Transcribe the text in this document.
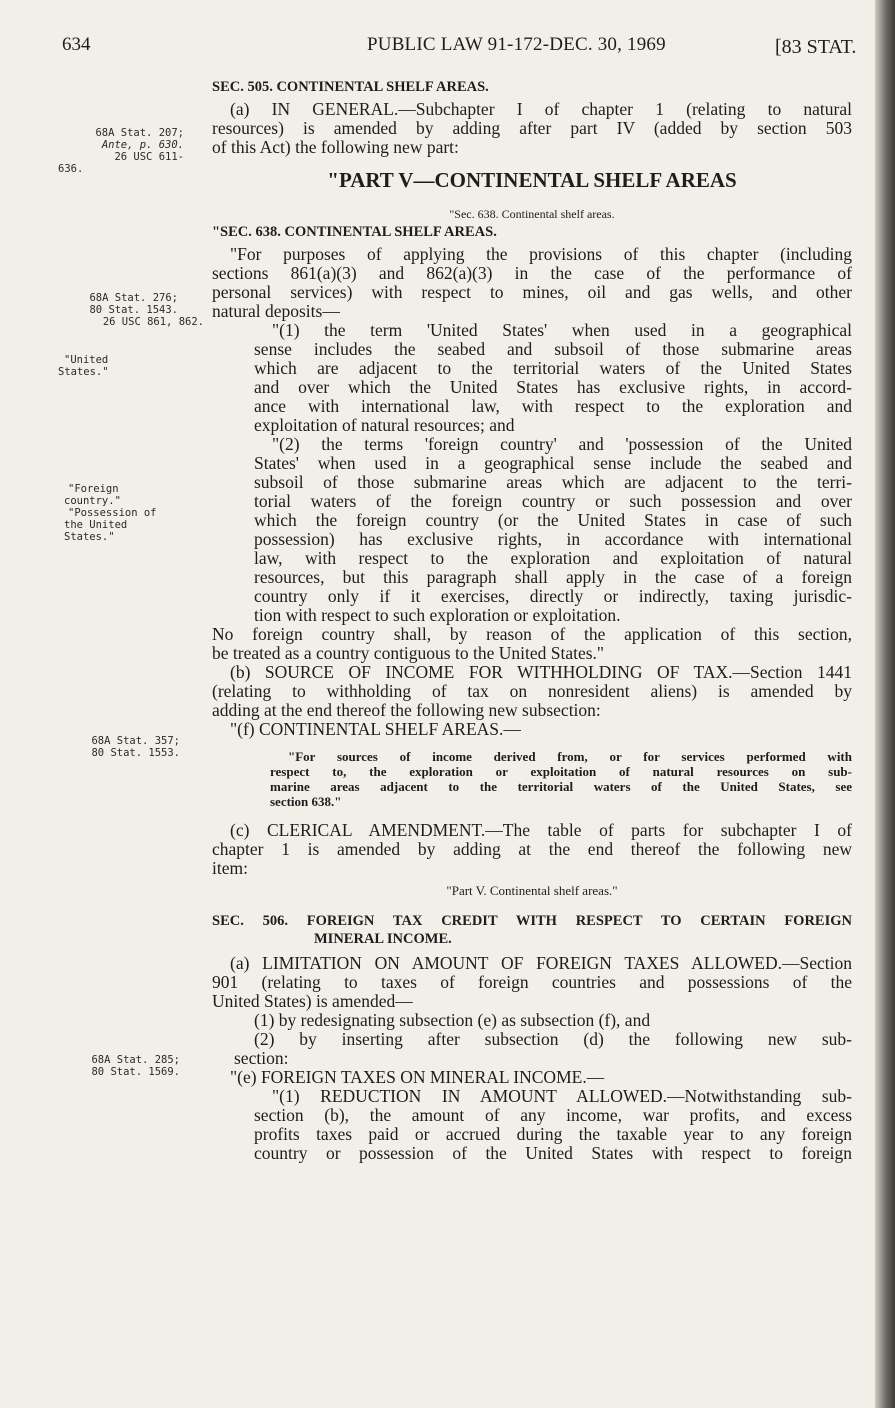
634	PUBLIC LAW 91-172-DEC. 30, 1969	[83 STAT.
68A Stat. 207;
Ante, p. 630.
26 USC 611-
636.
68A Stat. 276;
80 Stat. 1543.
26 USC 861, 862.
"United
States."
"Foreign
country."
"Possession of
the United
States."
68A Stat. 357;
80 Stat. 1553.
68A Stat. 285;
80 Stat. 1569.
SEC. 505. CONTINENTAL SHELF AREAS.
(a) IN GENERAL.—Subchapter I of chapter 1 (relating to natural
resources) is amended by adding after part IV (added by section 503
of this Act) the following new part:
"PART V—CONTINENTAL SHELF AREAS
"Sec. 638. Continental shelf areas.
"SEC. 638. CONTINENTAL SHELF AREAS.
"For purposes of applying the provisions of this chapter (including
sections 861(a)(3) and 862(a)(3) in the case of the performance of
personal services) with respect to mines, oil and gas wells, and other
natural deposits—
"(1) the term 'United States' when used in a geographical
sense includes the seabed and subsoil of those submarine areas
which are adjacent to the territorial waters of the United States
and over which the United States has exclusive rights, in accord-
ance with international law, with respect to the exploration and
exploitation of natural resources; and
"(2) the terms 'foreign country' and 'possession of the United
States' when used in a geographical sense include the seabed and
subsoil of those submarine areas which are adjacent to the terri-
torial waters of the foreign country or such possession and over
which the foreign country (or the United States in case of such
possession) has exclusive rights, in accordance with international
law, with respect to the exploration and exploitation of natural
resources, but this paragraph shall apply in the case of a foreign
country only if it exercises, directly or indirectly, taxing jurisdic-
tion with respect to such exploration or exploitation.
No foreign country shall, by reason of the application of this section,
be treated as a country contiguous to the United States."
(b) SOURCE OF INCOME FOR WITHHOLDING OF TAX.—Section 1441
(relating to withholding of tax on nonresident aliens) is amended by
adding at the end thereof the following new subsection:
"(f) CONTINENTAL SHELF AREAS.—
"For sources of income derived from, or for services performed with
respect to, the exploration or exploitation of natural resources on sub-
marine areas adjacent to the territorial waters of the United States, see
section 638."
(c) CLERICAL AMENDMENT.—The table of parts for subchapter I of
chapter 1 is amended by adding at the end thereof the following new
item:
"Part V. Continental shelf areas."
SEC. 506. FOREIGN TAX CREDIT WITH RESPECT TO CERTAIN FOREIGN
MINERAL INCOME.
(a) LIMITATION ON AMOUNT OF FOREIGN TAXES ALLOWED.—Section
901 (relating to taxes of foreign countries and possessions of the
United States) is amended—
(1) by redesignating subsection (e) as subsection (f), and
(2) by inserting after subsection (d) the following new sub-
section:
"(e) FOREIGN TAXES ON MINERAL INCOME.—
"(1) REDUCTION IN AMOUNT ALLOWED.—Notwithstanding sub-
section (b), the amount of any income, war profits, and excess
profits taxes paid or accrued during the taxable year to any foreign
country or possession of the United States with respect to foreign
